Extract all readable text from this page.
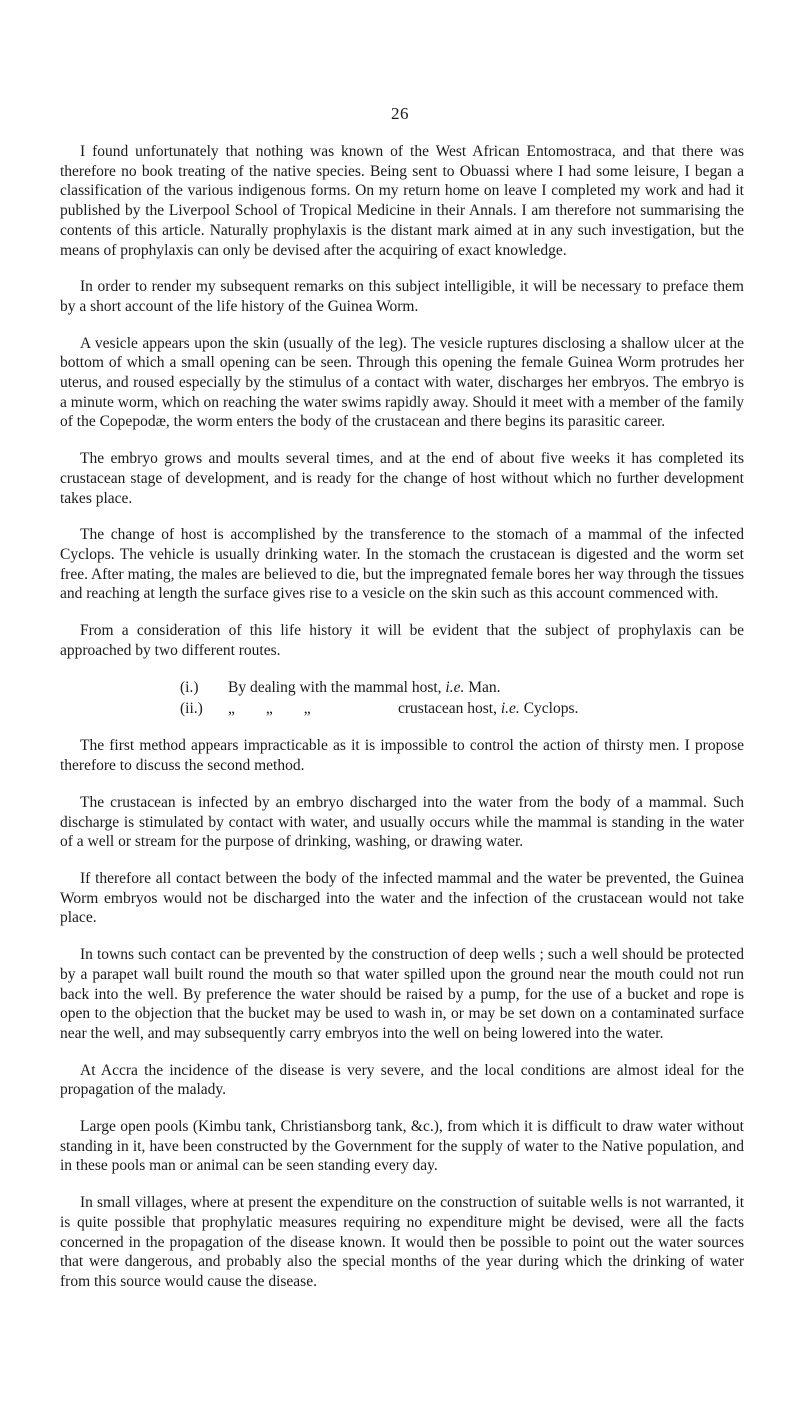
26

I found unfortunately that nothing was known of the West African Entomostraca, and that there was therefore no book treating of the native species. Being sent to Obuassi where I had some leisure, I began a classification of the various indigenous forms. On my return home on leave I completed my work and had it published by the Liverpool School of Tropical Medicine in their Annals. I am therefore not summarising the contents of this article. Naturally prophylaxis is the distant mark aimed at in any such investigation, but the means of prophylaxis can only be devised after the acquiring of exact knowledge.

In order to render my subsequent remarks on this subject intelligible, it will be necessary to preface them by a short account of the life history of the Guinea Worm.

A vesicle appears upon the skin (usually of the leg). The vesicle ruptures disclosing a shallow ulcer at the bottom of which a small opening can be seen. Through this opening the female Guinea Worm protrudes her uterus, and roused especially by the stimulus of a contact with water, discharges her embryos. The embryo is a minute worm, which on reaching the water swims rapidly away. Should it meet with a member of the family of the Copepodæ, the worm enters the body of the crustacean and there begins its parasitic career.

The embryo grows and moults several times, and at the end of about five weeks it has completed its crustacean stage of development, and is ready for the change of host without which no further development takes place.

The change of host is accomplished by the transference to the stomach of a mammal of the infected Cyclops. The vehicle is usually drinking water. In the stomach the crustacean is digested and the worm set free. After mating, the males are believed to die, but the impregnated female bores her way through the tissues and reaching at length the surface gives rise to a vesicle on the skin such as this account commenced with.

From a consideration of this life history it will be evident that the subject of prophylaxis can be approached by two different routes.

(i.)	By dealing with the mammal host, i.e. Man.
(ii.)	„        „        „	crustacean host, i.e. Cyclops.

The first method appears impracticable as it is impossible to control the action of thirsty men. I propose therefore to discuss the second method.

The crustacean is infected by an embryo discharged into the water from the body of a mammal. Such discharge is stimulated by contact with water, and usually occurs while the mammal is standing in the water of a well or stream for the purpose of drinking, washing, or drawing water.

If therefore all contact between the body of the infected mammal and the water be prevented, the Guinea Worm embryos would not be discharged into the water and the infection of the crustacean would not take place.

In towns such contact can be prevented by the construction of deep wells ; such a well should be protected by a parapet wall built round the mouth so that water spilled upon the ground near the mouth could not run back into the well. By preference the water should be raised by a pump, for the use of a bucket and rope is open to the objection that the bucket may be used to wash in, or may be set down on a contaminated surface near the well, and may subsequently carry embryos into the well on being lowered into the water.

At Accra the incidence of the disease is very severe, and the local conditions are almost ideal for the propagation of the malady.

Large open pools (Kimbu tank, Christiansborg tank, &c.), from which it is difficult to draw water without standing in it, have been constructed by the Government for the supply of water to the Native population, and in these pools man or animal can be seen standing every day.

In small villages, where at present the expenditure on the construction of suitable wells is not warranted, it is quite possible that prophylatic measures requiring no expenditure might be devised, were all the facts concerned in the propagation of the disease known. It would then be possible to point out the water sources that were dangerous, and probably also the special months of the year during which the drinking of water from this source would cause the disease.
